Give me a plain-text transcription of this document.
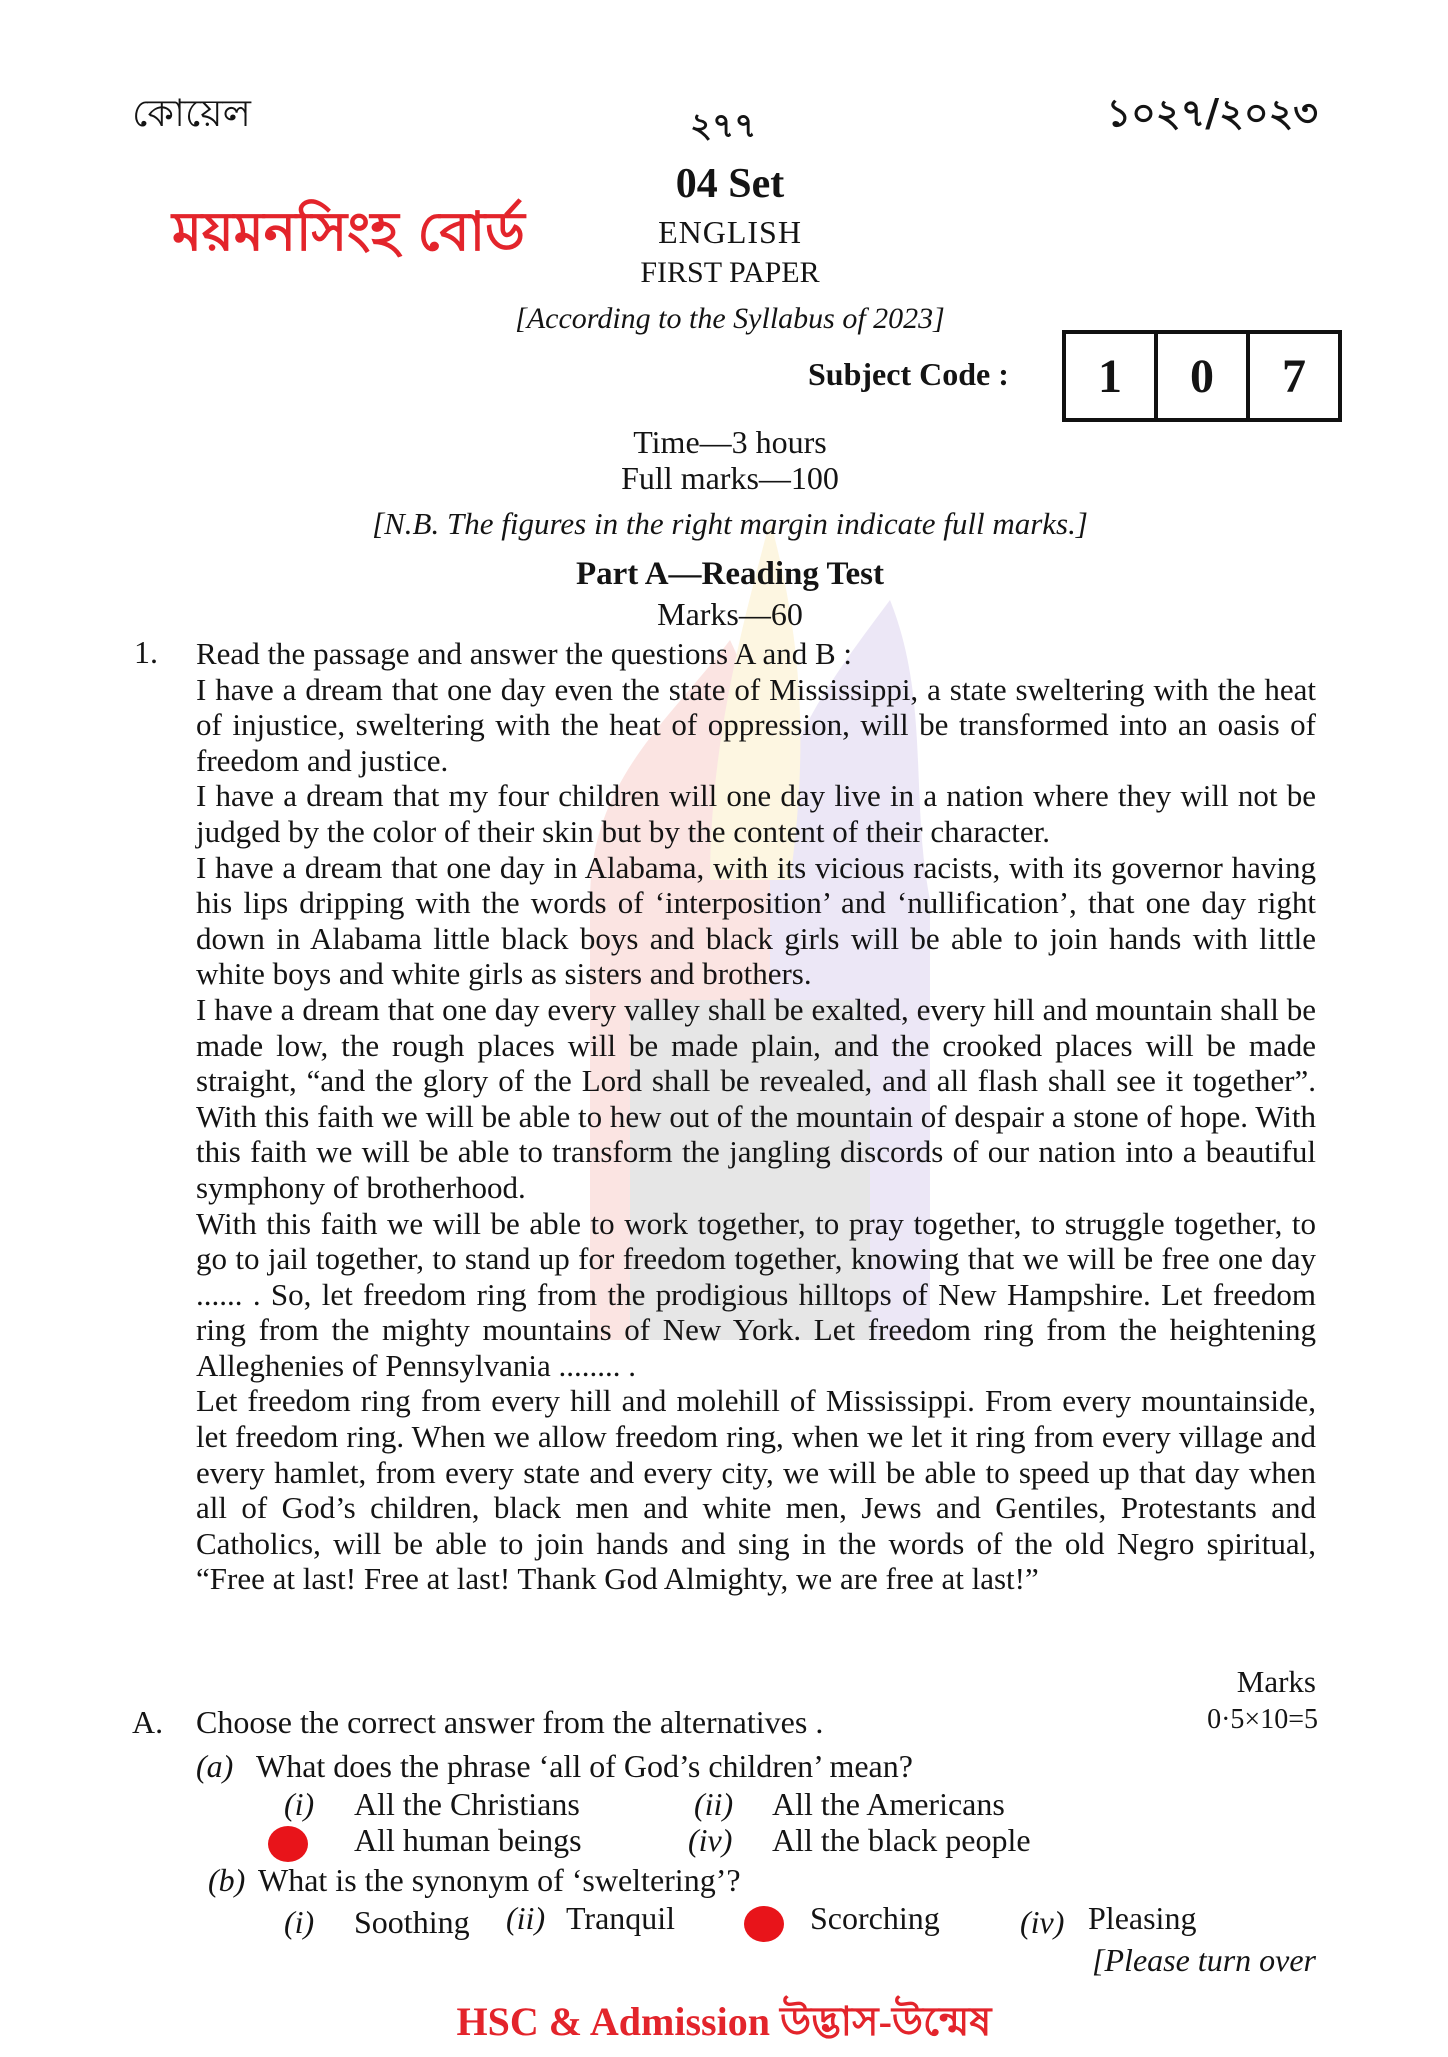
কোয়েল	২৭৭	১০২৭/২০২৩
ময়মনসিংহ বোর্ড
04 Set
ENGLISH
FIRST PAPER
[According to the Syllabus of 2023]
Subject Code :	1	0	7
Time—3 hours
Full marks—100
[N.B. The figures in the right margin indicate full marks.]
Part A—Reading Test
Marks—60
1. Read the passage and answer the questions A and B :

I have a dream that one day even the state of Mississippi, a state sweltering with the heat of injustice, sweltering with the heat of oppression, will be transformed into an oasis of freedom and justice.

I have a dream that my four children will one day live in a nation where they will not be judged by the color of their skin but by the content of their character.

I have a dream that one day in Alabama, with its vicious racists, with its governor having his lips dripping with the words of ‘interposition’ and ‘nullification’, that one day right down in Alabama little black boys and black girls will be able to join hands with little white boys and white girls as sisters and brothers.

I have a dream that one day every valley shall be exalted, every hill and mountain shall be made low, the rough places will be made plain, and the crooked places will be made straight, “and the glory of the Lord shall be revealed, and all flash shall see it together”. With this faith we will be able to hew out of the mountain of despair a stone of hope. With this faith we will be able to transform the jangling discords of our nation into a beautiful symphony of brotherhood.

With this faith we will be able to work together, to pray together, to struggle together, to go to jail together, to stand up for freedom together, knowing that we will be free one day ...... . So, let freedom ring from the prodigious hilltops of New Hampshire. Let freedom ring from the mighty mountains of New York. Let freedom ring from the heightening Alleghenies of Pennsylvania ........ .

Let freedom ring from every hill and molehill of Mississippi. From every mountainside, let freedom ring. When we allow freedom ring, when we let it ring from every village and every hamlet, from every state and every city, we will be able to speed up that day when all of God’s children, black men and white men, Jews and Gentiles, Protestants and Catholics, will be able to join hands and sing in the words of the old Negro spiritual, “Free at last! Free at last! Thank God Almighty, we are free at last!”

Marks
A. Choose the correct answer from the alternatives .	0·5×10=5
(a) What does the phrase ‘all of God’s children’ mean?
(i) All the Christians	(ii) All the Americans
All human beings	(iv) All the black people
(b) What is the synonym of ‘sweltering’?
(i) Soothing (ii) Tranquil	Scorching	(iv) Pleasing
[Please turn over
HSC & Admission উদ্ভাস-উন্মেষ
